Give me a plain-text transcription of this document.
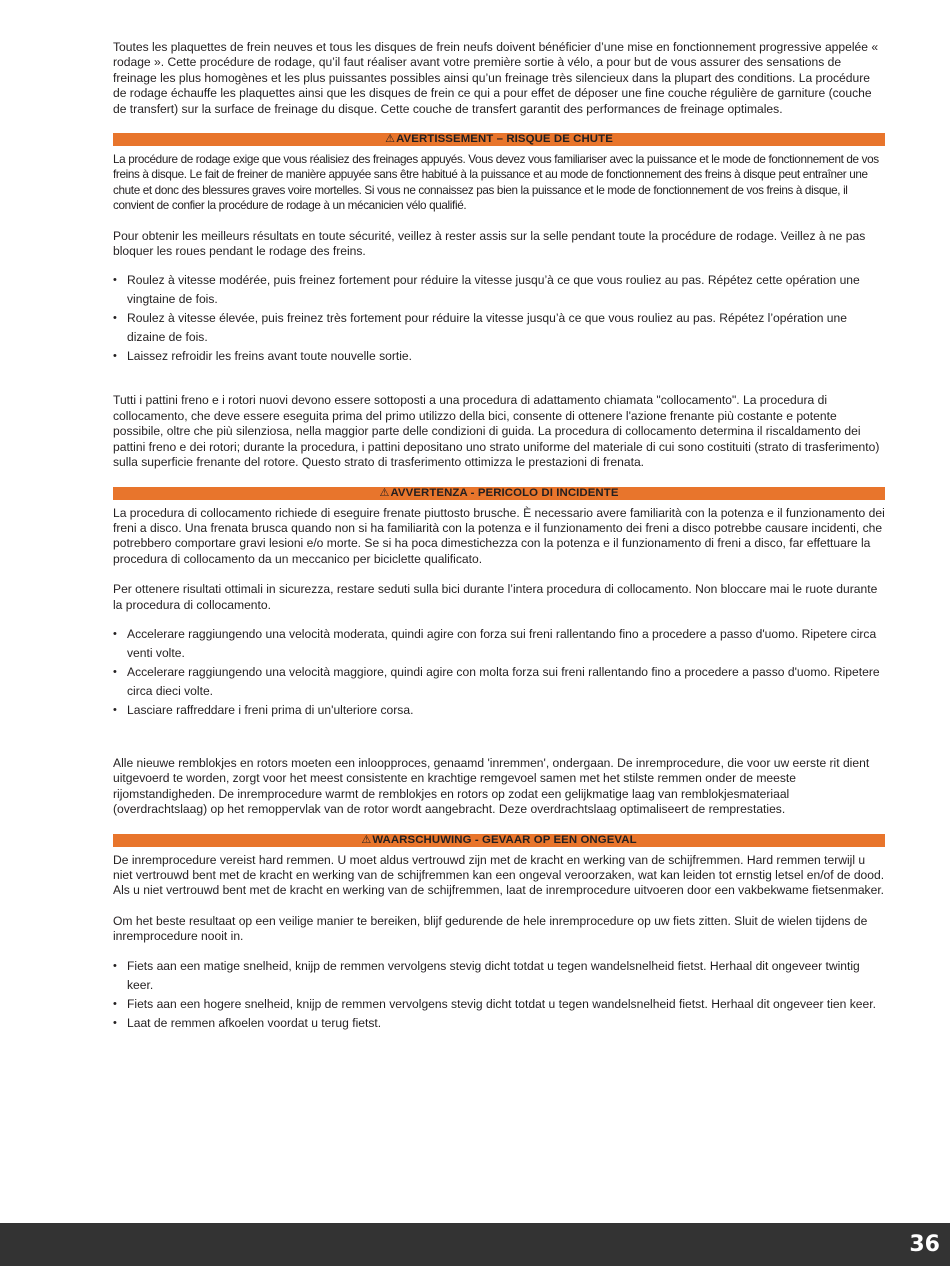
Toutes les plaquettes de frein neuves et tous les disques de frein neufs doivent bénéficier d’une mise en fonctionnement progressive appelée « rodage ». Cette procédure de rodage, qu’il faut réaliser avant votre première sortie à vélo, a pour but de vous assurer des sensations de freinage les plus homogènes et les plus puissantes possibles ainsi qu’un freinage très silencieux dans la plupart des conditions. La procédure de rodage échauffe les plaquettes ainsi que les disques de frein ce qui a pour effet de déposer une fine couche régulière de garniture (couche de transfert) sur la surface de freinage du disque. Cette couche de transfert garantit des performances de freinage optimales.

⚠AVERTISSEMENT – RISQUE DE CHUTE

La procédure de rodage exige que vous réalisiez des freinages appuyés. Vous devez vous familiariser avec la puissance et le mode de fonctionnement de vos freins à disque. Le fait de freiner de manière appuyée sans être habitué à la puissance et au mode de fonctionnement des freins à disque peut entraîner une chute et donc des blessures graves voire mortelles. Si vous ne connaissez pas bien la puissance et le mode de fonctionnement de vos freins à disque, il convient de confier la procédure de rodage à un mécanicien vélo qualifié.

Pour obtenir les meilleurs résultats en toute sécurité, veillez à rester assis sur la selle pendant toute la procédure de rodage. Veillez à ne pas bloquer les roues pendant le rodage des freins.

• Roulez à vitesse modérée, puis freinez fortement pour réduire la vitesse jusqu’à ce que vous rouliez au pas. Répétez cette opération une vingtaine de fois.
• Roulez à vitesse élevée, puis freinez très fortement pour réduire la vitesse jusqu’à ce que vous rouliez au pas. Répétez l’opération une dizaine de fois.
• Laissez refroidir les freins avant toute nouvelle sortie.

Tutti i pattini freno e i rotori nuovi devono essere sottoposti a una procedura di adattamento chiamata "collocamento". La procedura di collocamento, che deve essere eseguita prima del primo utilizzo della bici, consente di ottenere l'azione frenante più costante e potente possibile, oltre che più silenziosa, nella maggior parte delle condizioni di guida. La procedura di collocamento determina il riscaldamento dei pattini freno e dei rotori; durante la procedura, i pattini depositano uno strato uniforme del materiale di cui sono costituiti (strato di trasferimento) sulla superficie frenante del rotore. Questo strato di trasferimento ottimizza le prestazioni di frenata.

⚠AVVERTENZA - PERICOLO DI INCIDENTE

La procedura di collocamento richiede di eseguire frenate piuttosto brusche. È necessario avere familiarità con la potenza e il funzionamento dei freni a disco. Una frenata brusca quando non si ha familiarità con la potenza e il funzionamento dei freni a disco potrebbe causare incidenti, che potrebbero comportare gravi lesioni e/o morte. Se si ha poca dimestichezza con la potenza e il funzionamento di freni a disco, far effettuare la procedura di collocamento da un meccanico per biciclette qualificato.

Per ottenere risultati ottimali in sicurezza, restare seduti sulla bici durante l’intera procedura di collocamento. Non bloccare mai le ruote durante la procedura di collocamento.

• Accelerare raggiungendo una velocità moderata, quindi agire con forza sui freni rallentando fino a procedere a passo d'uomo. Ripetere circa venti volte.
• Accelerare raggiungendo una velocità maggiore, quindi agire con molta forza sui freni rallentando fino a procedere a passo d'uomo. Ripetere circa dieci volte.
• Lasciare raffreddare i freni prima di un'ulteriore corsa.

Alle nieuwe remblokjes en rotors moeten een inloopproces, genaamd 'inremmen', ondergaan. De inremprocedure, die voor uw eerste rit dient uitgevoerd te worden, zorgt voor het meest consistente en krachtige remgevoel samen met het stilste remmen onder de meeste rijomstandigheden. De inremprocedure warmt de remblokjes en rotors op zodat een gelijkmatige laag van remblokjesmateriaal (overdrachtslaag) op het remoppervlak van de rotor wordt aangebracht. Deze overdrachtslaag optimaliseert de remprestaties.

⚠WAARSCHUWING - GEVAAR OP EEN ONGEVAL

De inremprocedure vereist hard remmen. U moet aldus vertrouwd zijn met de kracht en werking van de schijfremmen. Hard remmen terwijl u niet vertrouwd bent met de kracht en werking van de schijfremmen kan een ongeval veroorzaken, wat kan leiden tot ernstig letsel en/of de dood. Als u niet vertrouwd bent met de kracht en werking van de schijfremmen, laat de inremprocedure uitvoeren door een vakbekwame fietsenmaker.

Om het beste resultaat op een veilige manier te bereiken, blijf gedurende de hele inremprocedure op uw fiets zitten. Sluit de wielen tijdens de inremprocedure nooit in.

• Fiets aan een matige snelheid, knijp de remmen vervolgens stevig dicht totdat u tegen wandelsnelheid fietst. Herhaal dit ongeveer twintig keer.
• Fiets aan een hogere snelheid, knijp de remmen vervolgens stevig dicht totdat u tegen wandelsnelheid fietst. Herhaal dit ongeveer tien keer.
• Laat de remmen afkoelen voordat u terug fietst.
36
